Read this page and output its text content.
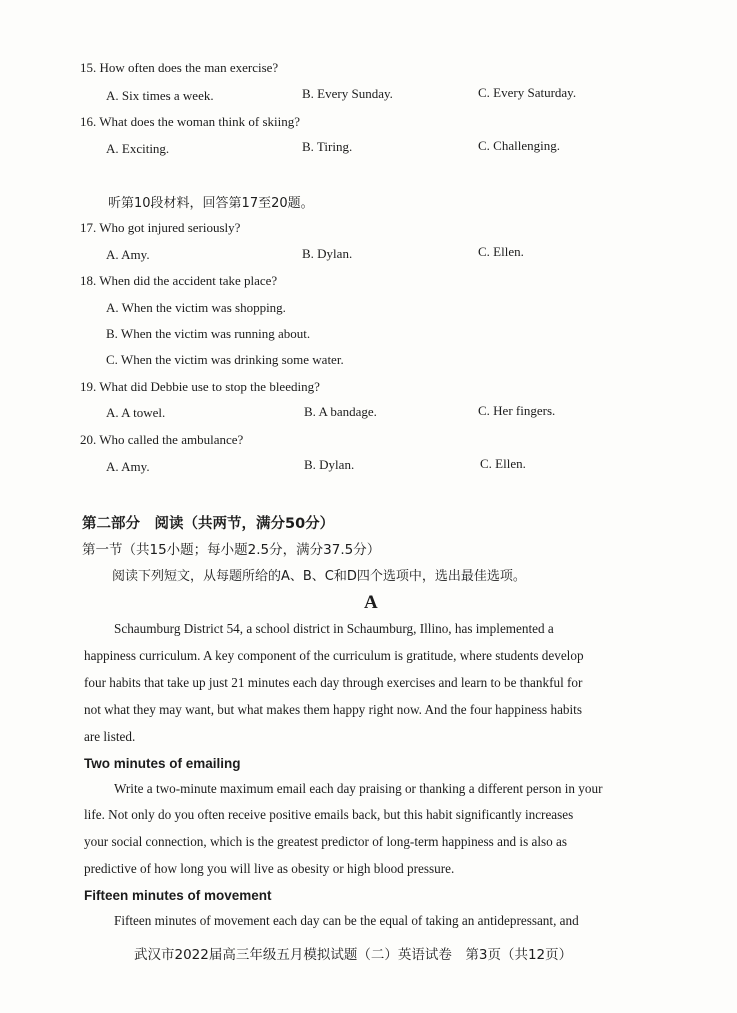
15. How often does the man exercise?
A. Six times a week.	B. Every Sunday.	C. Every Saturday.
16. What does the woman think of skiing?
A. Exciting.	B. Tiring.	C. Challenging.
听第10段材料，回答第17至20题。
17. Who got injured seriously?
A. Amy.	B. Dylan.	C. Ellen.
18. When did the accident take place?
A. When the victim was shopping.
B. When the victim was running about.
C. When the victim was drinking some water.
19. What did Debbie use to stop the bleeding?
A. A towel.	B. A bandage.	C. Her fingers.
20. Who called the ambulance?
A. Amy.	B. Dylan.	C. Ellen.
第二部分　阅读（共两节，满分50分）
第一节（共15小题；每小题2.5分，满分37.5分）
阅读下列短文，从每题所给的A、B、C和D四个选项中，选出最佳选项。
A
Schaumburg District 54, a school district in Schaumburg, Illino, has implemented a
happiness curriculum. A key component of the curriculum is gratitude, where students develop
four habits that take up just 21 minutes each day through exercises and learn to be thankful for
not what they may want, but what makes them happy right now. And the four happiness habits
are listed.
Two minutes of emailing
Write a two-minute maximum email each day praising or thanking a different person in your
life. Not only do you often receive positive emails back, but this habit significantly increases
your social connection, which is the greatest predictor of long-term happiness and is also as
predictive of how long you will live as obesity or high blood pressure.
Fifteen minutes of movement
Fifteen minutes of movement each day can be the equal of taking an antidepressant, and
武汉市2022届高三年级五月模拟试题（二）英语试卷　第3页（共12页）
